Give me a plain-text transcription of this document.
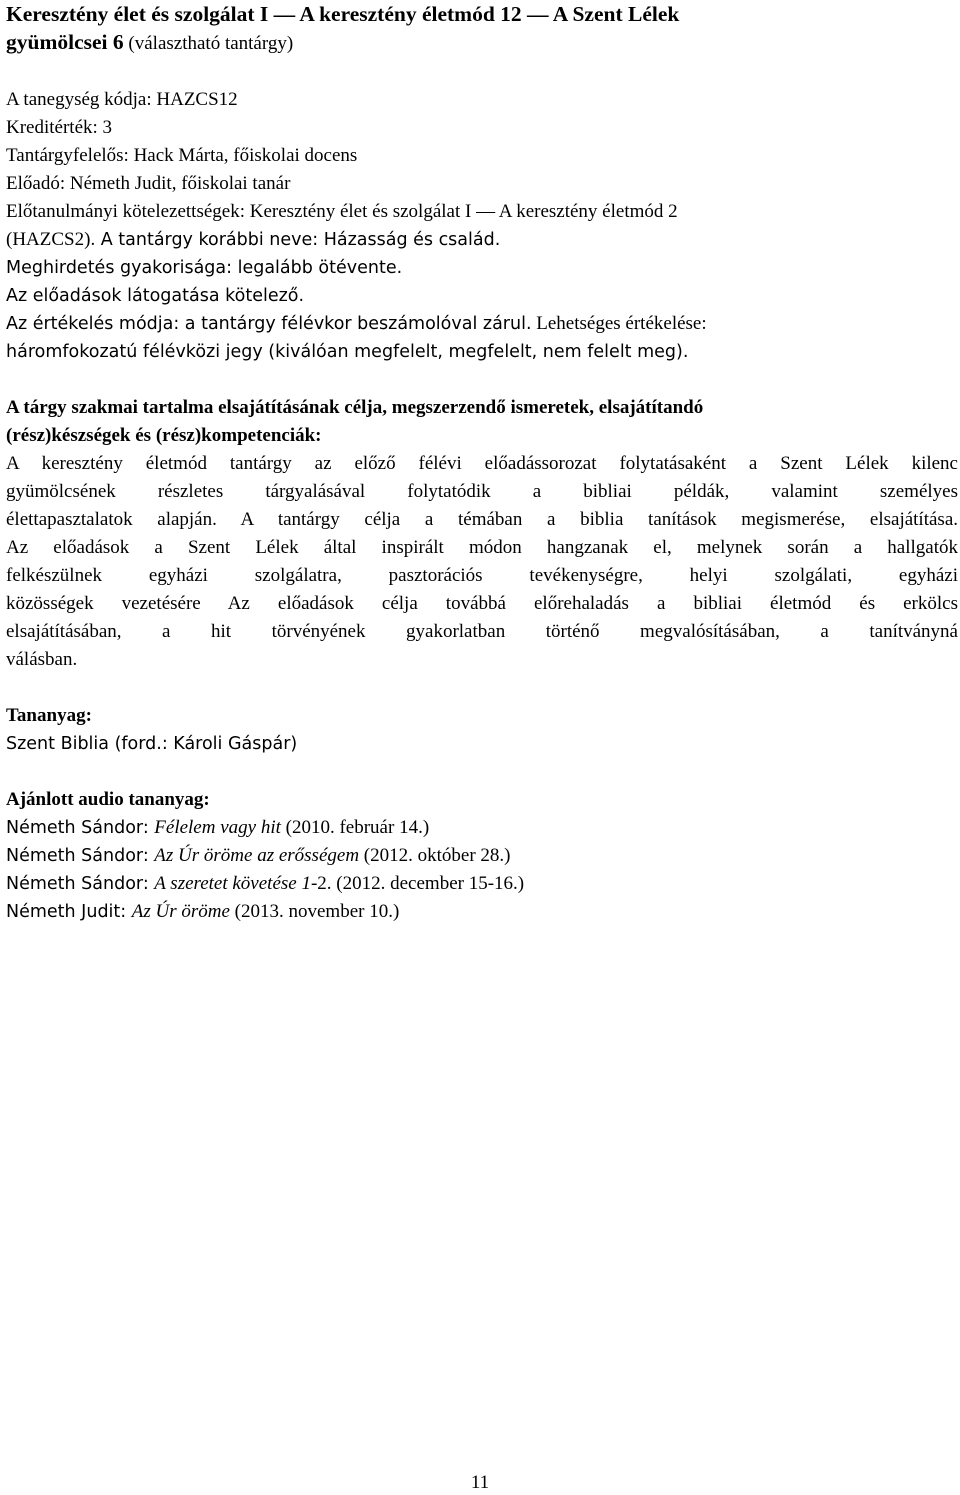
Keresztény élet és szolgálat I — A keresztény életmód 12 — A Szent Lélek
gyümölcsei 6 (választható tantárgy)
A tanegység kódja: HAZCS12
Kreditérték: 3
Tantárgyfelelős: Hack Márta, főiskolai docens
Előadó: Németh Judit, főiskolai tanár
Előtanulmányi kötelezettségek: Keresztény élet és szolgálat I — A keresztény életmód 2
(HAZCS2). A tantárgy korábbi neve: Házasság és család.
Meghirdetés gyakorisága: legalább ötévente.
Az előadások látogatása kötelező.
Az értékelés módja: a tantárgy félévkor beszámolóval zárul. Lehetséges értékelése:
háromfokozatú félévközi jegy (kiválóan megfelelt, megfelelt, nem felelt meg).
A tárgy szakmai tartalma elsajátításának célja, megszerzendő ismeretek, elsajátítandó
(rész)készségek és (rész)kompetenciák:
A keresztény életmód tantárgy az előző félévi előadássorozat folytatásaként a Szent Lélek kilenc
gyümölcsének részletes tárgyalásával folytatódik a bibliai példák, valamint személyes
élettapasztalatok alapján. A tantárgy célja a témában a biblia tanítások megismerése, elsajátítása.
Az előadások a Szent Lélek által inspirált módon hangzanak el, melynek során a hallgatók
felkészülnek egyházi szolgálatra, pasztorációs tevékenységre, helyi szolgálati, egyházi
közösségek vezetésére Az előadások célja továbbá előrehaladás a bibliai életmód és erkölcs
elsajátításában, a hit törvényének gyakorlatban történő megvalósításában, a tanítványná
válásban.
Tananyag:
Szent Biblia (ford.: Károli Gáspár)
Ajánlott audio tananyag:
Németh Sándor: Félelem vagy hit (2010. február 14.)
Németh Sándor: Az Úr öröme az erősségem (2012. október 28.)
Németh Sándor: A szeretet követése 1-2. (2012. december 15-16.)
Németh Judit: Az Úr öröme (2013. november 10.)
11
